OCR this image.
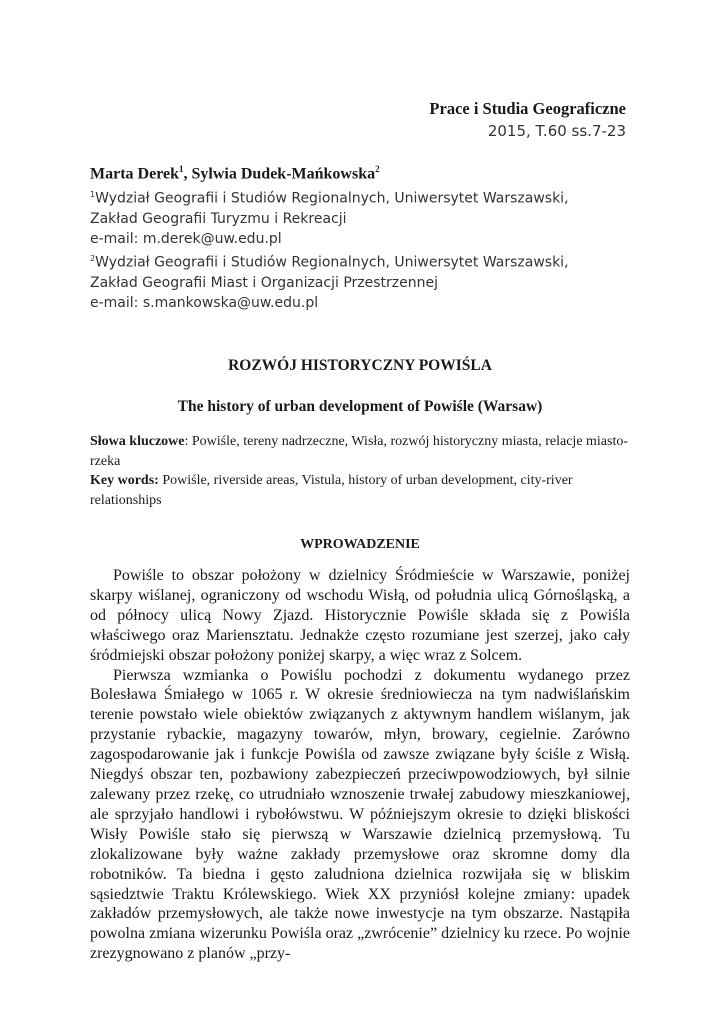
Prace i Studia Geograficzne
2015, T.60 ss.7-23
Marta Derek$^1$, Sylwia Dudek-Mańkowska$^2$
$^1$Wydział Geografii i Studiów Regionalnych, Uniwersytet Warszawski,
Zakład Geografii Turyzmu i Rekreacji
e-mail: m.derek@uw.edu.pl
$^2$Wydział Geografii i Studiów Regionalnych, Uniwersytet Warszawski,
Zakład Geografii Miast i Organizacji Przestrzennej
e-mail: s.mankowska@uw.edu.pl
ROZWÓJ HISTORYCZNY POWIŚLA
The history of urban development of Powiśle (Warsaw)
Słowa kluczowe: Powiśle, tereny nadrzeczne, Wisła, rozwój historyczny miasta, relacje miasto-rzeka
Key words: Powiśle, riverside areas, Vistula, history of urban development, city-river relationships
WPROWADZENIE

Powiśle to obszar położony w dzielnicy Śródmieście w Warszawie, poniżej skarpy wiślanej, ograniczony od wschodu Wisłą, od południa ulicą Górnośląską, a od północy ulicą Nowy Zjazd. Historycznie Powiśle składa się z Powiśla właściwego oraz Mariensztatu. Jednakże często rozumiane jest szerzej, jako cały śródmiejski obszar położony poniżej skarpy, a więc wraz z Solcem.

Pierwsza wzmianka o Powiślu pochodzi z dokumentu wydanego przez Bolesława Śmiałego w 1065 r. W okresie średniowiecza na tym nadwiślańskim terenie powstało wiele obiektów związanych z aktywnym handlem wiślanym, jak przystanie rybackie, magazyny towarów, młyn, browary, cegielnie. Zarówno zagospodarowanie jak i funkcje Powiśla od zawsze związane były ściśle z Wisłą. Niegdyś obszar ten, pozbawiony zabezpieczeń przeciwpowodziowych, był silnie zalewany przez rzekę, co utrudniało wznoszenie trwałej zabudowy mieszkaniowej, ale sprzyjało handlowi i rybołówstwu. W późniejszym okresie to dzięki bliskości Wisły Powiśle stało się pierwszą w Warszawie dzielnicą przemysłową. Tu zlokalizowane były ważne zakłady przemysłowe oraz skromne domy dla robotników. Ta biedna i gęsto zaludniona dzielnica rozwijała się w bliskim sąsiedztwie Traktu Królewskiego. Wiek XX przyniósł kolejne zmiany: upadek zakładów przemysłowych, ale także nowe inwestycje na tym obszarze. Nastąpiła powolna zmiana wizerunku Powiśla oraz „zwrócenie” dzielnicy ku rzece. Po wojnie zrezygnowano z planów „przy-
